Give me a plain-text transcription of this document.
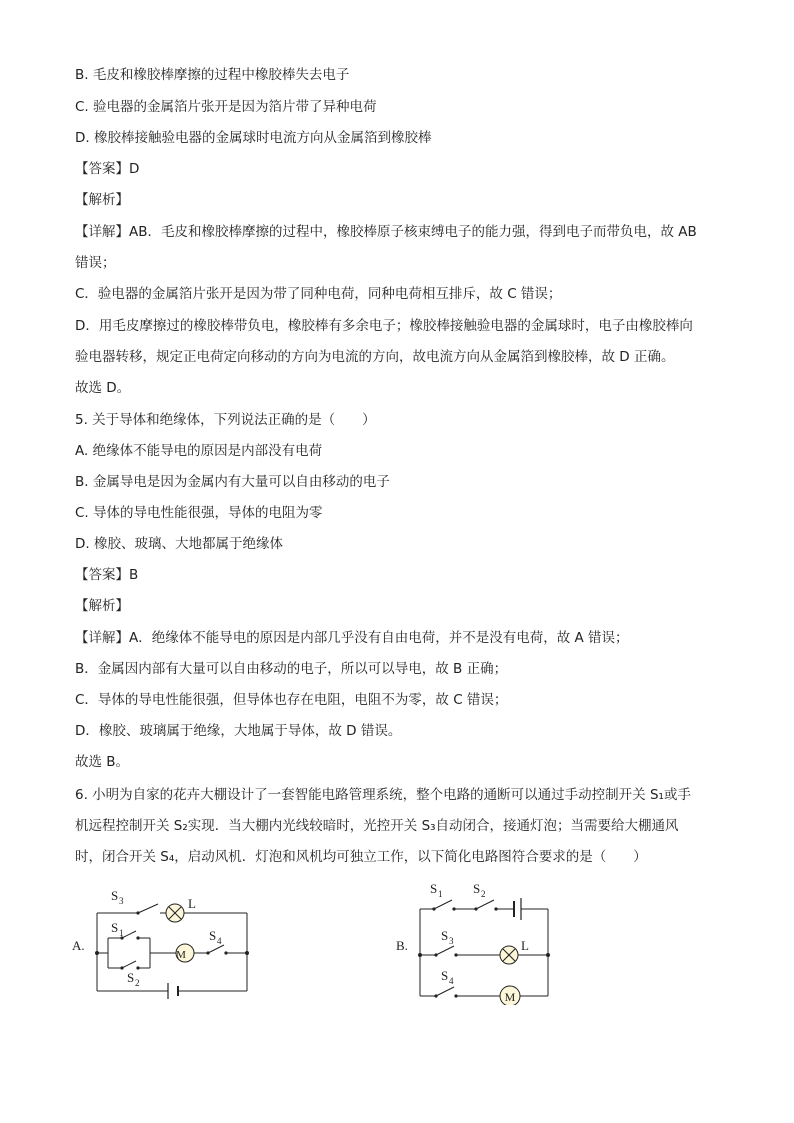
B. 毛皮和橡胶棒摩擦的过程中橡胶棒失去电子
C. 验电器的金属箔片张开是因为箔片带了异种电荷
D. 橡胶棒接触验电器的金属球时电流方向从金属箔到橡胶棒
【答案】D
【解析】
【详解】AB．毛皮和橡胶棒摩擦的过程中，橡胶棒原子核束缚电子的能力强，得到电子而带负电，故 AB
错误；
C．验电器的金属箔片张开是因为带了同种电荷，同种电荷相互排斥，故 C 错误；
D．用毛皮摩擦过的橡胶棒带负电，橡胶棒有多余电子；橡胶棒接触验电器的金属球时，电子由橡胶棒向
验电器转移，规定正电荷定向移动的方向为电流的方向，故电流方向从金属箔到橡胶棒，故 D 正确。
故选 D。
5. 关于导体和绝缘体，下列说法正确的是（　　）
A. 绝缘体不能导电的原因是内部没有电荷
B. 金属导电是因为金属内有大量可以自由移动的电子
C. 导体的导电性能很强，导体的电阻为零
D. 橡胶、玻璃、大地都属于绝缘体
【答案】B
【解析】
【详解】A．绝缘体不能导电的原因是内部几乎没有自由电荷，并不是没有电荷，故 A 错误；
B．金属因内部有大量可以自由移动的电子，所以可以导电，故 B 正确；
C．导体的导电性能很强，但导体也存在电阻，电阻不为零，故 C 错误；
D．橡胶、玻璃属于绝缘，大地属于导体，故 D 错误。
故选 B。
6. 小明为自家的花卉大棚设计了一套智能电路管理系统，整个电路的通断可以通过手动控制开关 S₁或手
机远程控制开关 S₂实现．当大棚内光线较暗时，光控开关 S₃自动闭合，接通灯泡；当需要给大棚通风
时，闭合开关 S₄，启动风机．灯泡和风机均可独立工作，以下简化电路图符合要求的是（　　）
A.
M
S 3	L
S 1	S 4
S 2
B.
M
S 1 S 2
S 3	L
S 4
